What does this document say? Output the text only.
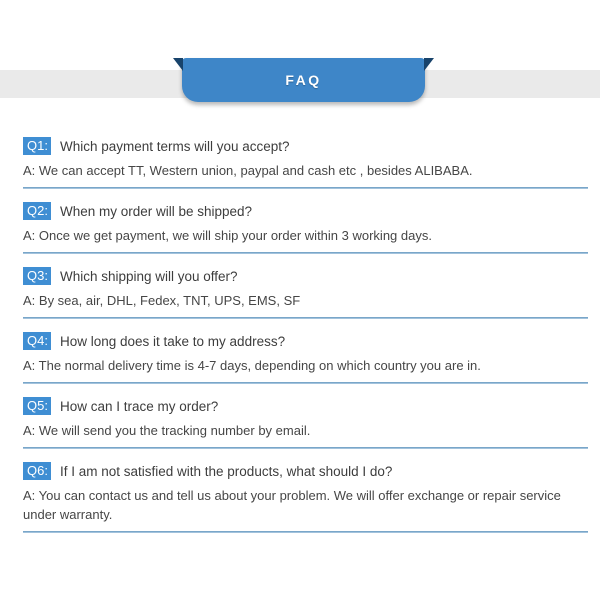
FAQ
Q1: Which payment terms will you accept?

A: We can accept TT, Western union, paypal and cash etc , besides ALIBABA.

Q2: When my order will be shipped?

A: Once we get payment, we will ship your order within 3 working days.

Q3: Which shipping will you offer?

A: By sea, air, DHL, Fedex, TNT, UPS, EMS, SF

Q4: How long does it take to my address?

A: The normal delivery time is 4-7 days, depending on which country you are in.

Q5: How can I trace my order?

A: We will send you the tracking number by email.

Q6: If I am not satisfied with the products, what should I do?

A: You can contact us and tell us about your problem. We will offer exchange or repair service under warranty.
